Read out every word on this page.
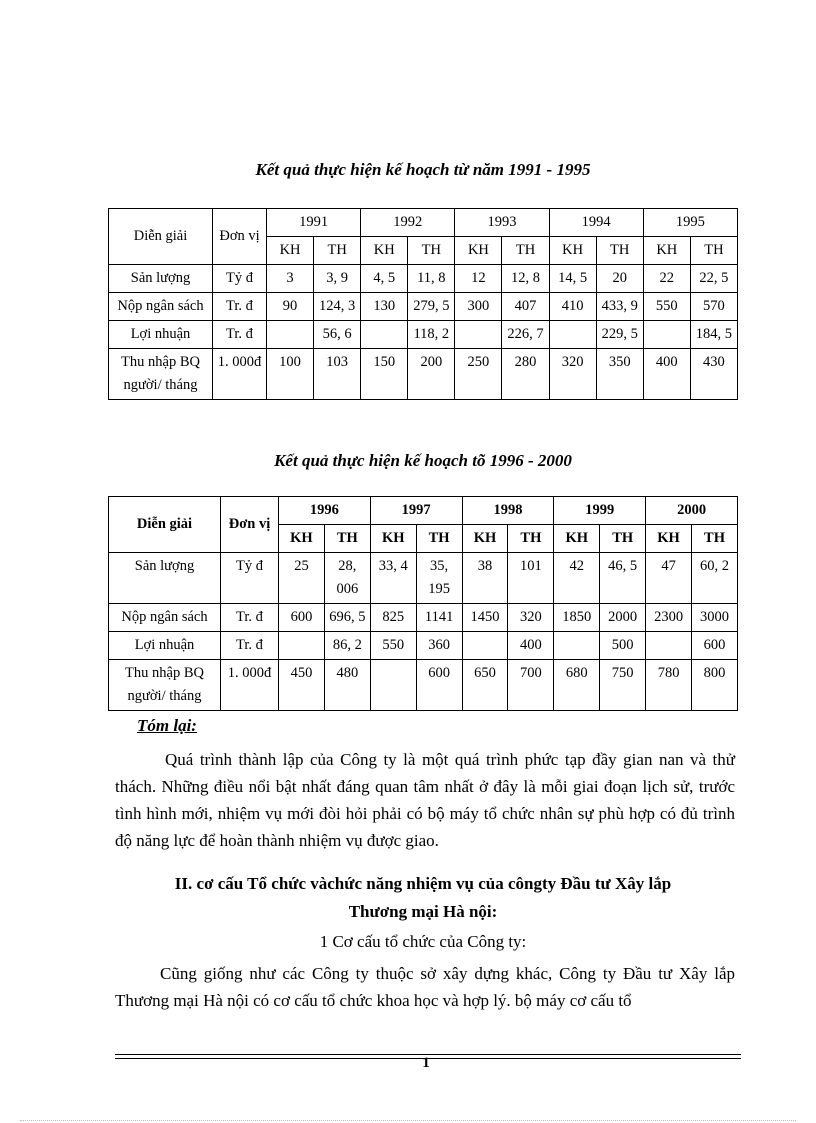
Kết quả thực hiện kế hoạch từ năm 1991 - 1995
Diễn giải	Đơn vị	1991		1992		1993		1994		1995	
		KH	TH	KH	TH	KH	TH	KH	TH	KH	TH
Sản lượng	Tỷ đ	3	3, 9	4, 5	11, 8	12	12, 8	14, 5	20	22	22, 5
Nộp ngân sách	Tr. đ	90	124, 3	130	279, 5	300	407	410	433, 9	550	570
Lợi nhuận	Tr. đ		56, 6		118, 2		226, 7		229, 5		184, 5
Thu nhập BQ người/ tháng	1. 000đ	100	103	150	200	250	280	320	350	400	430
Kết quả thực hiện kế hoạch tõ 1996 - 2000
Diễn giải	Đơn vị	1996		1997		1998		1999		2000	
		KH	TH	KH	TH	KH	TH	KH	TH	KH	TH
Sản lượng	Tỷ đ	25	28, 006	33, 4	35, 195	38	101	42	46, 5	47	60, 2
Nộp ngân sách	Tr. đ	600	696, 5	825	1141	1450	320	1850	2000	2300	3000
Lợi nhuận	Tr. đ		86, 2	550	360		400		500		600
Thu nhập BQ người/ tháng	1. 000đ	450	480		600	650	700	680	750	780	800
Tóm lại:
Quá trình thành lập của Công ty là một quá trình phức tạp đầy gian nan và thử thách. Những điều nổi bật nhất đáng quan tâm nhất ở đây là mỗi giai đoạn lịch sử, trước tình hình mới, nhiệm vụ mới đòi hỏi phải có bộ máy tổ chức nhân sự phù hợp có đủ trình độ năng lực để hoàn thành nhiệm vụ được giao.
II. cơ cấu Tổ chức vàchức năng nhiệm vụ của côngty Đầu tư Xây lắp
Thương mại Hà nội:
1 Cơ cấu tổ chức của Công ty:
Cũng giống như các Công ty thuộc sở xây dựng khác, Công ty Đầu tư Xây lắp Thương mại Hà nội có cơ cấu tổ chức khoa học và hợp lý. bộ máy cơ cấu tổ
1
